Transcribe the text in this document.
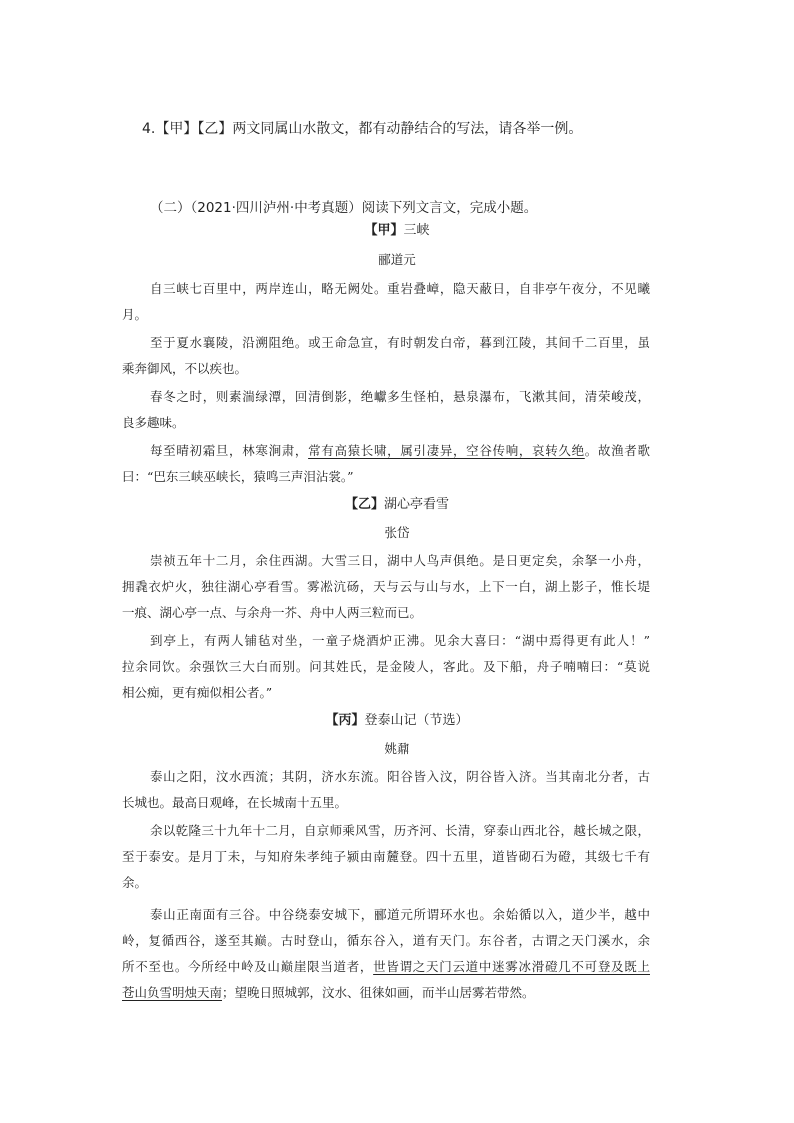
4.【甲】【乙】两文同属山水散文，都有动静结合的写法，请各举一例。
（二）（2021·四川泸州·中考真题）阅读下列文言文，完成小题。
【甲】三峡
郦道元
自三峡七百里中，两岸连山，略无阙处。重岩叠嶂，隐天蔽日，自非亭午夜分，不见曦
月。
至于夏水襄陵，沿溯阻绝。或王命急宣，有时朝发白帝，暮到江陵，其间千二百里，虽
乘奔御风，不以疾也。
春冬之时，则素湍绿潭，回清倒影，绝巘多生怪柏，悬泉瀑布，飞漱其间，清荣峻茂，
良多趣味。
每至晴初霜旦，林寒涧肃，常有高猿长啸，属引凄异，空谷传响，哀转久绝。故渔者歌
曰：“巴东三峡巫峡长，猿鸣三声泪沾裳。”
【乙】湖心亭看雪
张岱
崇祯五年十二月，余住西湖。大雪三日，湖中人鸟声俱绝。是日更定矣，余拏一小舟，
拥毳衣炉火，独往湖心亭看雪。雾凇沆砀，天与云与山与水，上下一白，湖上影子，惟长堤
一痕、湖心亭一点、与余舟一芥、舟中人两三粒而已。
到亭上，有两人铺毡对坐，一童子烧酒炉正沸。见余大喜曰：“湖中焉得更有此人！”
拉余同饮。余强饮三大白而别。问其姓氏，是金陵人，客此。及下船，舟子喃喃曰：“莫说
相公痴，更有痴似相公者。”
【丙】登泰山记（节选）
姚鼐
泰山之阳，汶水西流；其阴，济水东流。阳谷皆入汶，阴谷皆入济。当其南北分者，古
长城也。最高日观峰，在长城南十五里。
余以乾隆三十九年十二月，自京师乘风雪，历齐河、长清，穿泰山西北谷，越长城之限，
至于泰安。是月丁未，与知府朱孝纯子颍由南麓登。四十五里，道皆砌石为磴，其级七千有
余。
泰山正南面有三谷。中谷绕泰安城下，郦道元所谓环水也。余始循以入，道少半，越中
岭，复循西谷，遂至其巅。古时登山，循东谷入，道有天门。东谷者，古谓之天门溪水，余
所不至也。今所经中岭及山巅崖限当道者，世皆谓之天门云道中迷雾冰滑磴几不可登及既上
苍山负雪明烛天南；望晚日照城郭，汶水、徂徕如画，而半山居雾若带然。
